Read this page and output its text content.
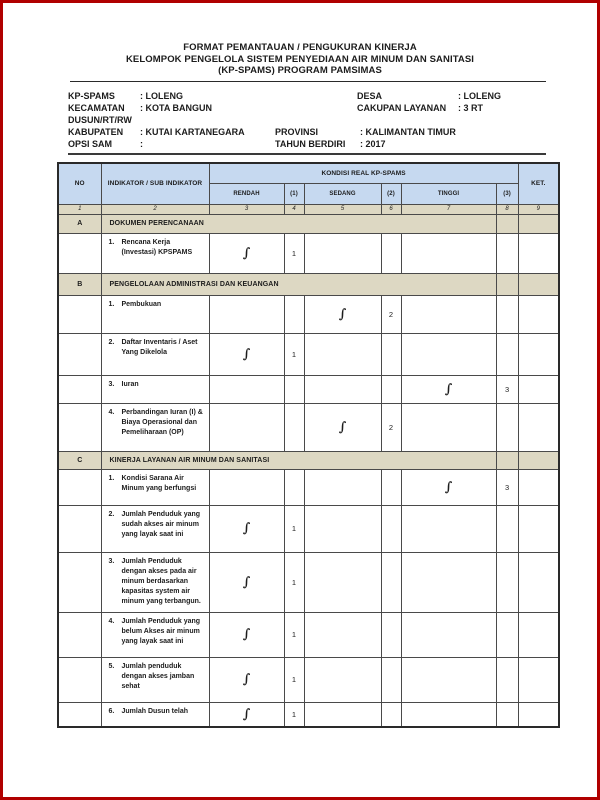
FORMAT PEMANTAUAN / PENGUKURAN KINERJA
KELOMPOK PENGELOLA SISTEM PENYEDIAAN AIR MINUM DAN SANITASI
(KP-SPAMS) PROGRAM PAMSIMAS
KP-SPAMS	: LOLENG	DESA	: LOLENG
KECAMATAN : KOTA BANGUN	CAKUPAN LAYANAN : 3 RT
DUSUN/RT/RW
KABUPATEN : KUTAI KARTANEGARA	PROVINSI	: KALIMANTAN TIMUR
OPSI SAM	:	TAHUN BERDIRI : 2017
NO	INDIKATOR / SUB INDIKATOR	KONDISI REAL KP-SPAMS						KET.
		RENDAH	(1)	SEDANG	(2)	TINGGI	(3)	
1	2	3	4	5	6	7	8	9
A	DOKUMEN PERENCANAAN							

	1. Rencana Kerja (Investasi) KPSPAMS	∫	1					
B	PENGELOLAAN ADMINISTRASI DAN KEUANGAN							

	1. Pembukuan			∫	2			

	2. Daftar Inventaris / Aset Yang Dikelola	∫	1					

	3. Iuran					∫	3	

	4. Perbandingan Iuran (I) & Biaya Operasional dan Pemeliharaan (OP)			∫	2			
C	KINERJA LAYANAN AIR MINUM DAN SANITASI							

	1. Kondisi Sarana Air Minum yang berfungsi					∫	3	

	2. Jumlah Penduduk yang sudah akses air minum yang layak saat ini	∫	1					

	3. Jumlah Penduduk dengan akses pada air minum berdasarkan kapasitas system air minum yang terbangun.	∫	1					

	4. Jumlah Penduduk yang belum Akses air minum yang layak saat ini	∫	1					

	5. Jumlah penduduk dengan akses jamban sehat	∫	1					

	6. Jumlah Dusun telah	∫	1					
